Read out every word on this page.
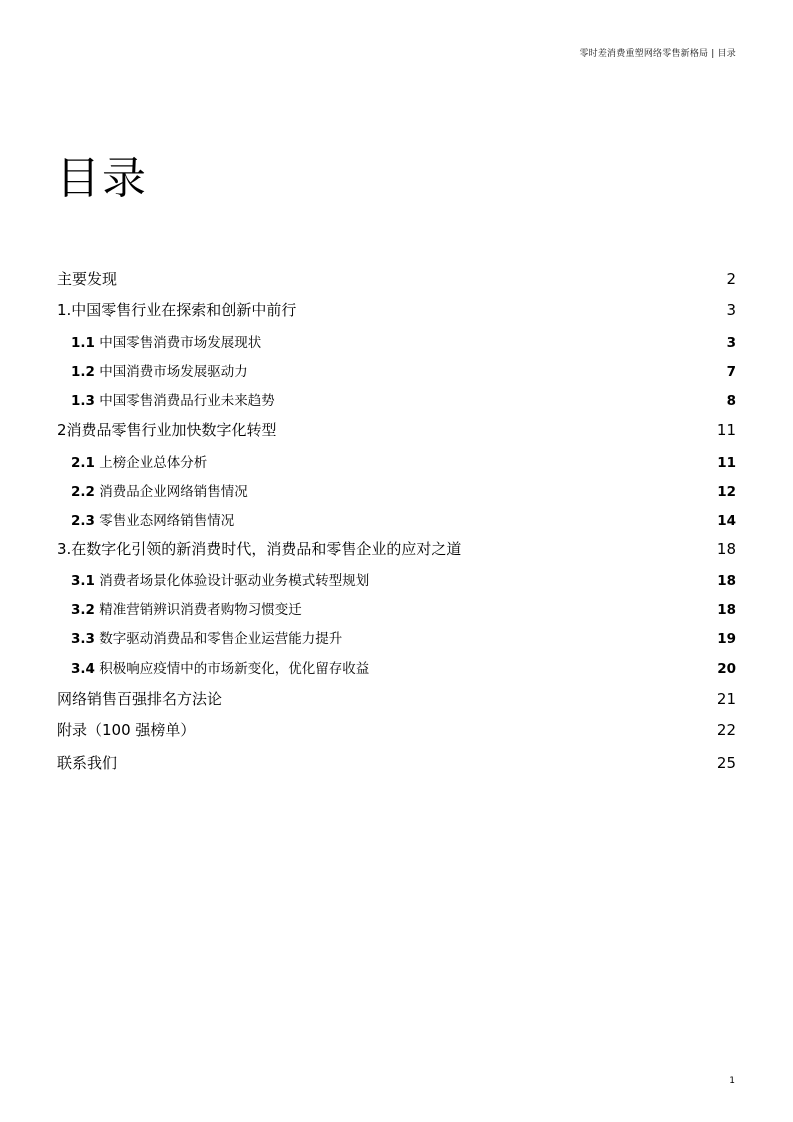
零时差消费重塑网络零售新格局 | 目录
目录
主要发现	2
1.中国零售行业在探索和创新中前行	3
1.1 中国零售消费市场发展现状	3
1.2 中国消费市场发展驱动力	7
1.3 中国零售消费品行业未来趋势	8
2消费品零售行业加快数字化转型	11
2.1 上榜企业总体分析	11
2.2 消费品企业网络销售情况	12
2.3 零售业态网络销售情况	14
3.在数字化引领的新消费时代，消费品和零售企业的应对之道	18
3.1 消费者场景化体验设计驱动业务模式转型规划	18
3.2 精准营销辨识消费者购物习惯变迁	18
3.3 数字驱动消费品和零售企业运营能力提升	19
3.4 积极响应疫情中的市场新变化，优化留存收益	20
网络销售百强排名方法论	21
附录（100 强榜单）	22
联系我们	25
1
